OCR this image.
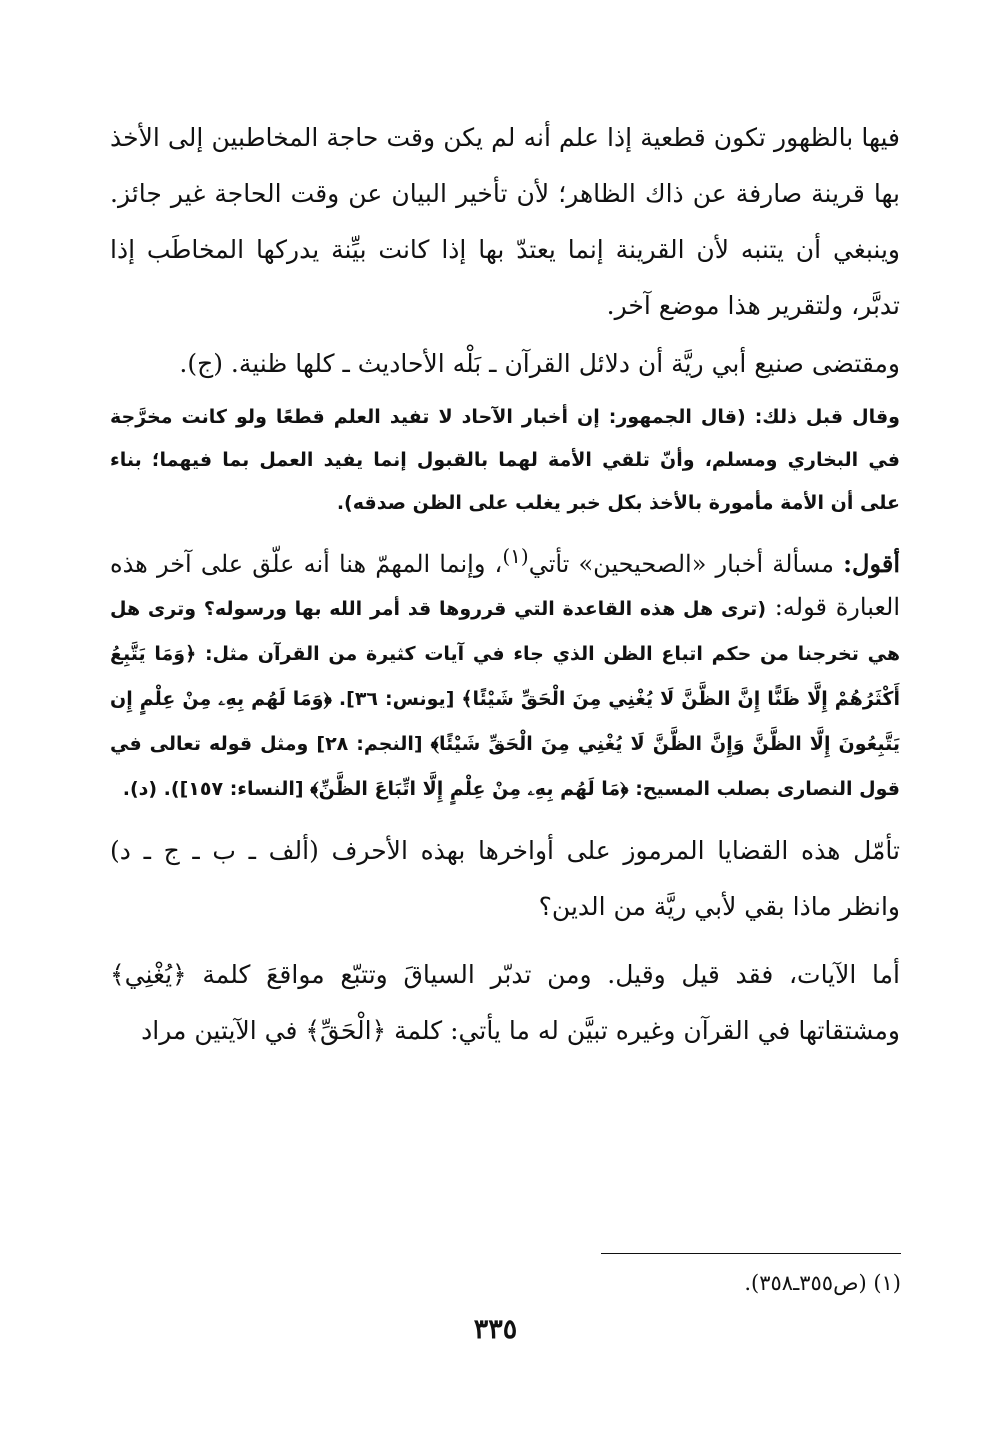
فيها بالظهور تكون قطعية إذا علم أنه لم يكن وقت حاجة المخاطبين إلى الأخذ بها قرينة صارفة عن ذاك الظاهر؛ لأن تأخير البيان عن وقت الحاجة غير جائز. وينبغي أن يتنبه لأن القرينة إنما يعتدّ بها إذا كانت بيِّنة يدركها المخاطَب إذا تدبَّر، ولتقرير هذا موضع آخر.

ومقتضى صنيع أبي ريَّة أن دلائل القرآن ـ بَلْه الأحاديث ـ كلها ظنية. (ج).

وقال قبل ذلك: (قال الجمهور: إن أخبار الآحاد لا تفيد العلم قطعًا ولو كانت مخرَّجة في البخاري ومسلم، وأنّ تلقي الأمة لهما بالقبول إنما يفيد العمل بما فيهما؛ بناء على أن الأمة مأمورة بالأخذ بكل خبر يغلب على الظن صدقه).

أقول: مسألة أخبار «الصحيحين» تأتي$^{(١)}$، وإنما المهمّ هنا أنه علّق على آخر هذه العبارة قوله: (ترى هل هذه القاعدة التي قرروها قد أمر الله بها ورسوله؟ وترى هل هي تخرجنا من حكم اتباع الظن الذي جاء في آيات كثيرة من القرآن مثل: ﴿وَمَا يَتَّبِعُ أَكْثَرُهُمْ إِلَّا ظَنًّا إِنَّ الظَّنَّ لَا يُغْنِي مِنَ الْحَقِّ شَيْئًا﴾ [يونس: ٣٦]. ﴿وَمَا لَهُم بِهِۦ مِنْ عِلْمٍ إِن يَتَّبِعُونَ إِلَّا الظَّنَّ وَإِنَّ الظَّنَّ لَا يُغْنِي مِنَ الْحَقِّ شَيْئًا﴾ [النجم: ٢٨] ومثل قوله تعالى في قول النصارى بصلب المسيح: ﴿مَا لَهُم بِهِۦ مِنْ عِلْمٍ إِلَّا اتِّبَاعَ الظَّنِّ﴾ [النساء: ١٥٧]). (د).

تأمّل هذه القضايا المرموز على أواخرها بهذه الأحرف (ألف ـ ب ـ ج ـ د) وانظر ماذا بقي لأبي ريَّة من الدين؟

أما الآيات، فقد قيل وقيل. ومن تدبّر السياقَ وتتبّع مواقعَ كلمة ﴿يُغْنِي﴾ ومشتقاتها في القرآن وغيره تبيَّن له ما يأتي: كلمة ﴿الْحَقِّ﴾ في الآيتين مراد

(١) (ص٣٥٥ـ٣٥٨).
٣٣٥
